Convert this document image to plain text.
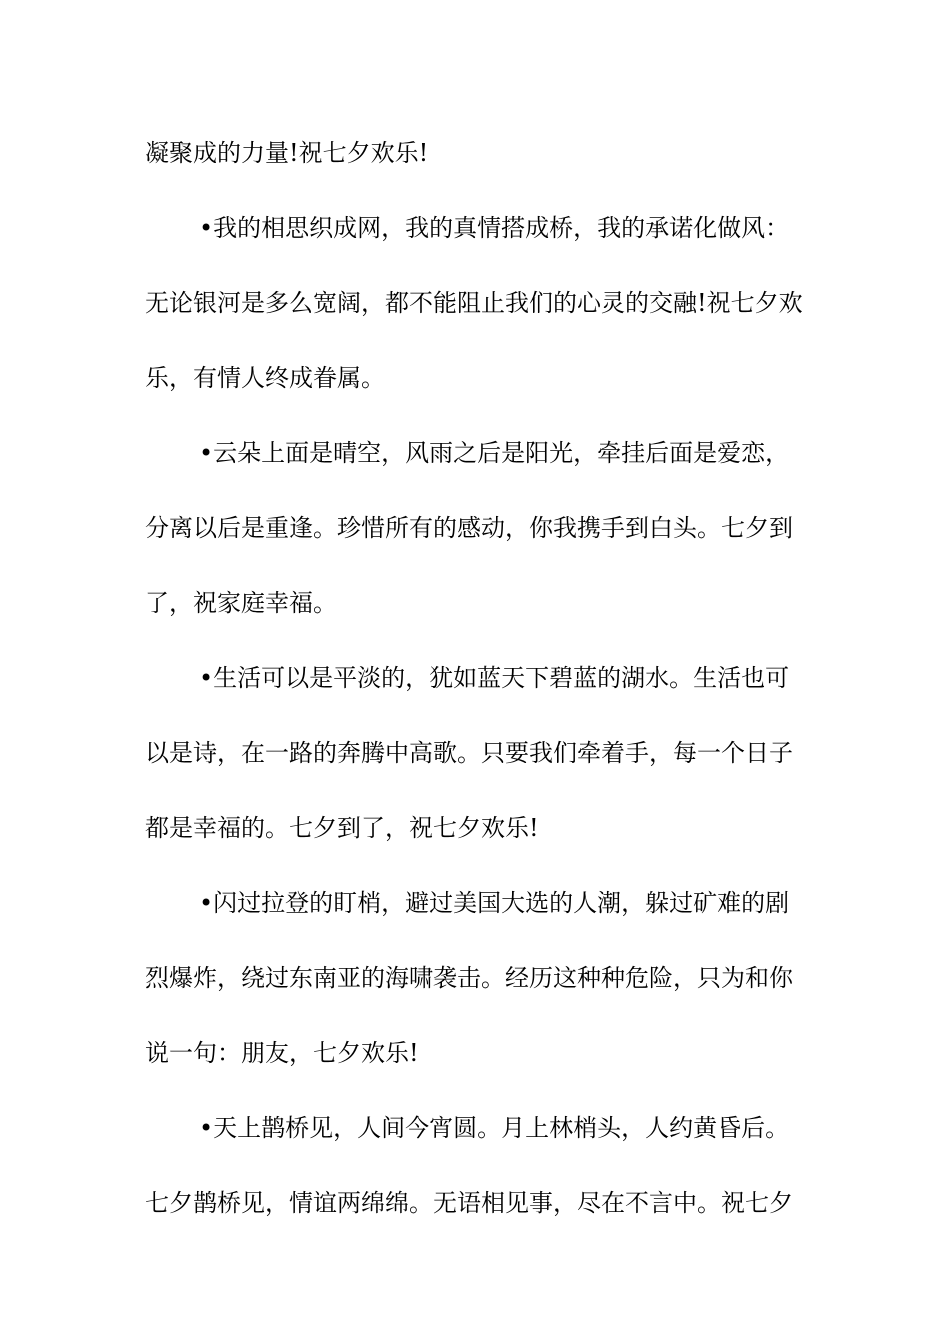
凝聚成的力量!祝七夕欢乐!
•我的相思织成网，我的真情搭成桥，我的承诺化做风：
无论银河是多么宽阔，都不能阻止我们的心灵的交融!祝七夕欢
乐，有情人终成眷属。
•云朵上面是晴空，风雨之后是阳光，牵挂后面是爱恋，
分离以后是重逢。珍惜所有的感动，你我携手到白头。七夕到
了，祝家庭幸福。
•生活可以是平淡的，犹如蓝天下碧蓝的湖水。生活也可
以是诗，在一路的奔腾中高歌。只要我们牵着手，每一个日子
都是幸福的。七夕到了，祝七夕欢乐!
•闪过拉登的盯梢，避过美国大选的人潮，躲过矿难的剧
烈爆炸，绕过东南亚的海啸袭击。经历这种种危险，只为和你
说一句：朋友，七夕欢乐!
•天上鹊桥见，人间今宵圆。月上林梢头，人约黄昏后。
七夕鹊桥见，情谊两绵绵。无语相见事，尽在不言中。祝七夕
